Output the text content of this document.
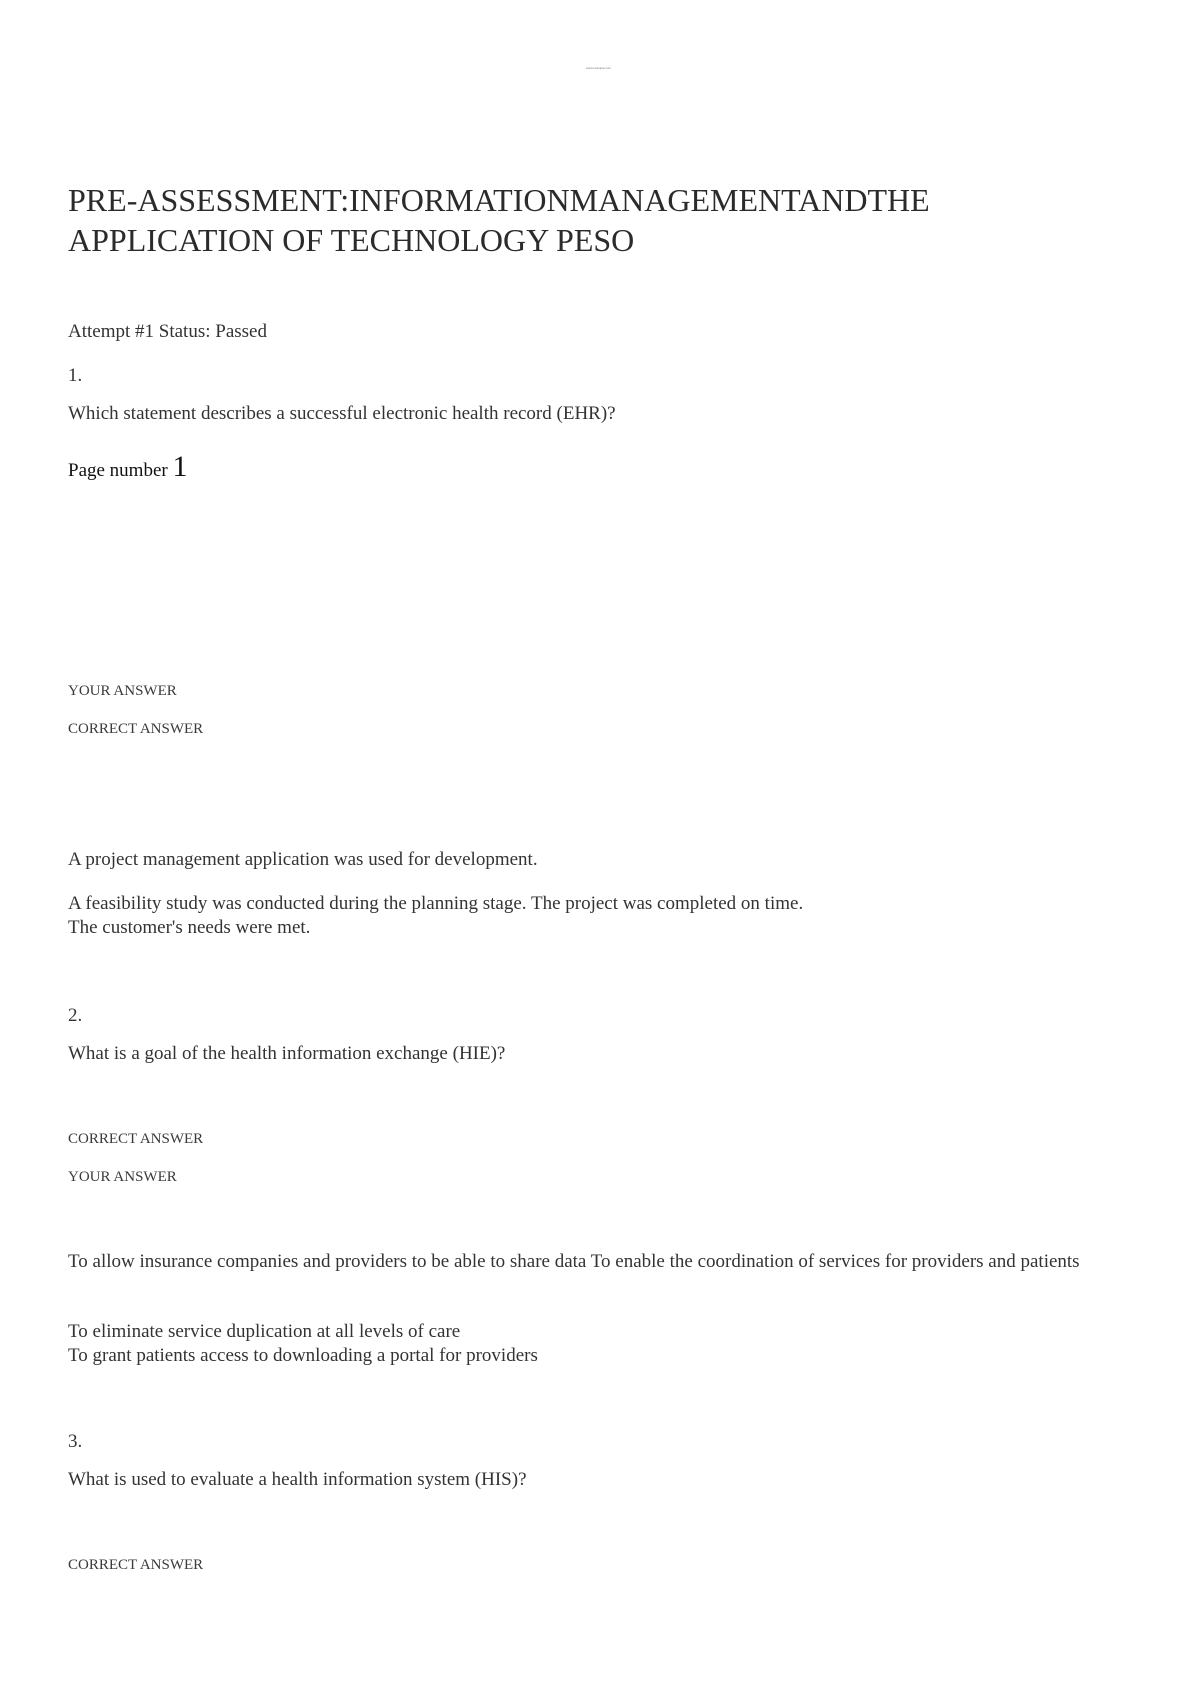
www.example.com
PRE-ASSESSMENT:INFORMATIONMANAGEMENTANDTHE
APPLICATION OF TECHNOLOGY PESO

Attempt #1 Status: Passed

1.

Which statement describes a successful electronic health record (EHR)?

Page number 1

YOUR ANSWER

CORRECT ANSWER

A project management application was used for development.

A feasibility study was conducted during the planning stage. The project was completed on time.
The customer's needs were met.

2.

What is a goal of the health information exchange (HIE)?

CORRECT ANSWER

YOUR ANSWER

To allow insurance companies and providers to be able to share data To enable the coordination of services for providers and patients

To eliminate service duplication at all levels of care
To grant patients access to downloading a portal for providers

3.

What is used to evaluate a health information system (HIS)?

CORRECT ANSWER
